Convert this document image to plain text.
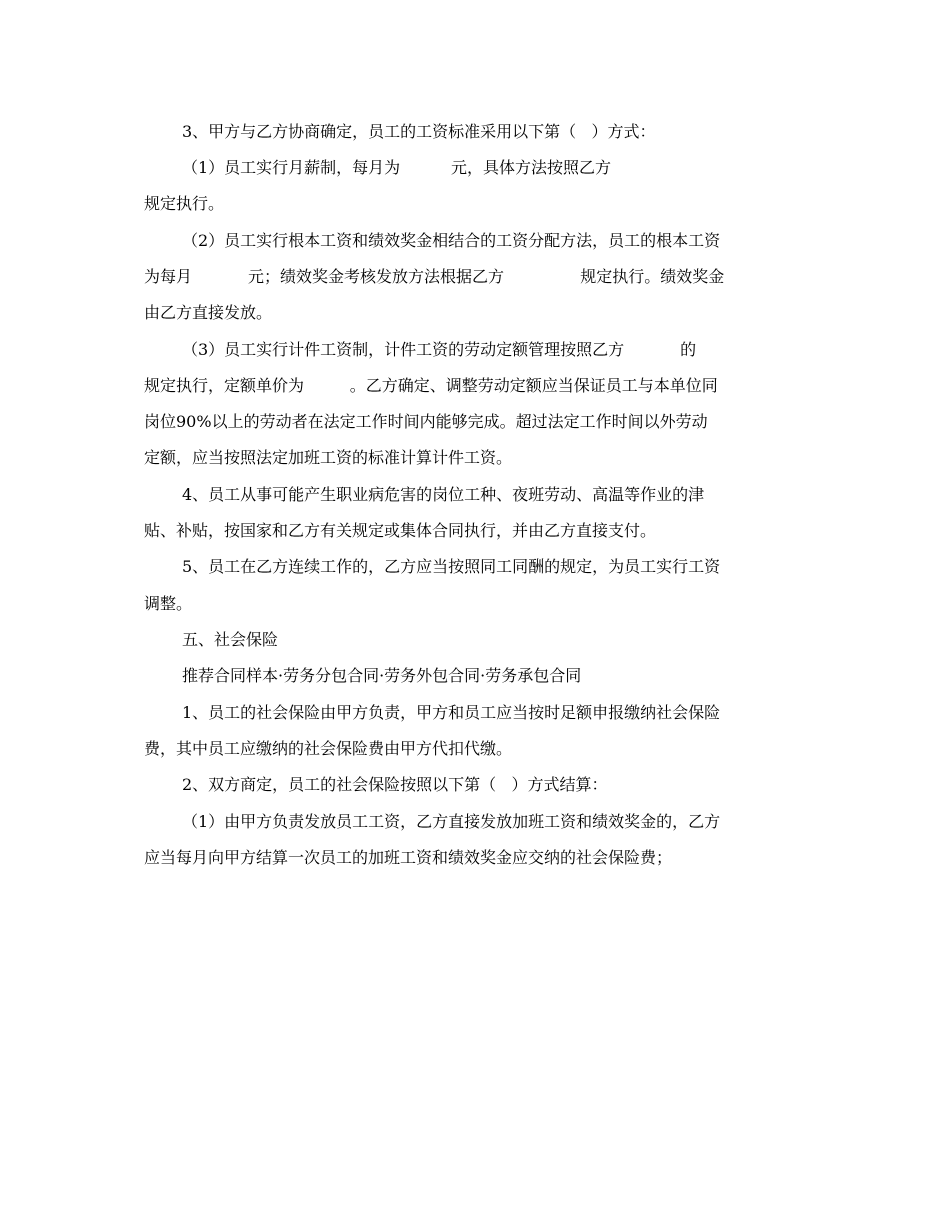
3、甲方与乙方协商确定，员工的工资标准采用以下第（   ）方式：
（1）员工实行月薪制，每月为          元，具体方法按照乙方
规定执行。
（2）员工实行根本工资和绩效奖金相结合的工资分配方法，员工的根本工资
为每月           元；绩效奖金考核发放方法根据乙方               规定执行。绩效奖金
由乙方直接发放。
（3）员工实行计件工资制，计件工资的劳动定额管理按照乙方           的
规定执行，定额单价为         。乙方确定、调整劳动定额应当保证员工与本单位同
岗位90%以上的劳动者在法定工作时间内能够完成。超过法定工作时间以外劳动
定额，应当按照法定加班工资的标准计算计件工资。
4、员工从事可能产生职业病危害的岗位工种、夜班劳动、高温等作业的津
贴、补贴，按国家和乙方有关规定或集体合同执行，并由乙方直接支付。
5、员工在乙方连续工作的，乙方应当按照同工同酬的规定，为员工实行工资
调整。
五、社会保险
推荐合同样本·劳务分包合同·劳务外包合同·劳务承包合同
1、员工的社会保险由甲方负责，甲方和员工应当按时足额申报缴纳社会保险
费，其中员工应缴纳的社会保险费由甲方代扣代缴。
2、双方商定，员工的社会保险按照以下第（   ）方式结算：
（1）由甲方负责发放员工工资，乙方直接发放加班工资和绩效奖金的，乙方
应当每月向甲方结算一次员工的加班工资和绩效奖金应交纳的社会保险费；
